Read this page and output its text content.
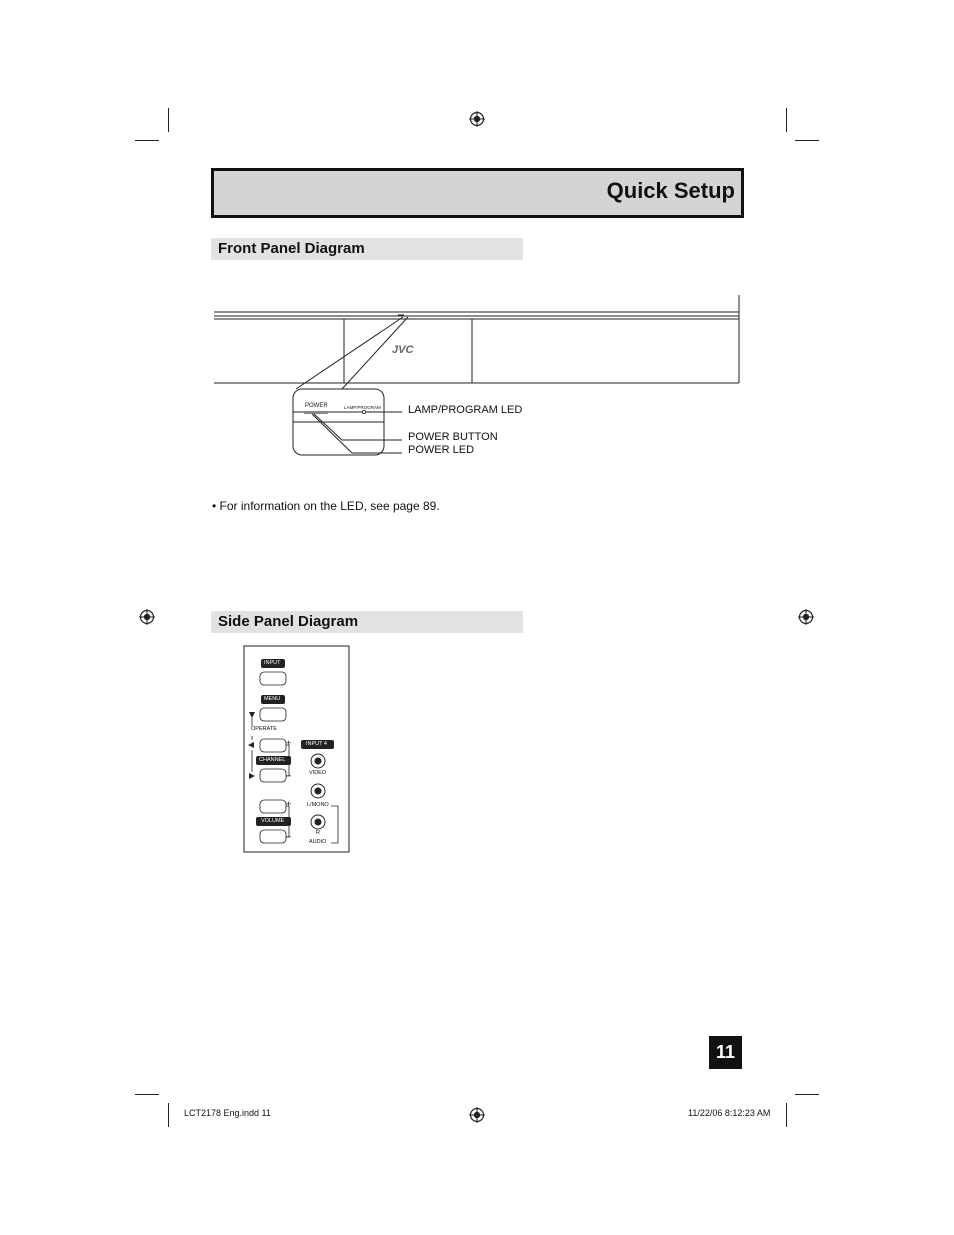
Quick Setup
Front Panel Diagram
JVC
POWER	LAMP/PROGRAM LAMP/PROGRAM LED
POWER BUTTON
POWER LED
• For information on the LED, see page 89.
Side Panel Diagram
INPUT
MENU
OPERATE
CHANNEL
VOLUME
INPUT 4
VIDEO
L/MONO
R
AUDIO
+
–
+
–
11
LCT2178 Eng.indd 11	11/22/06 8:12:23 AM
